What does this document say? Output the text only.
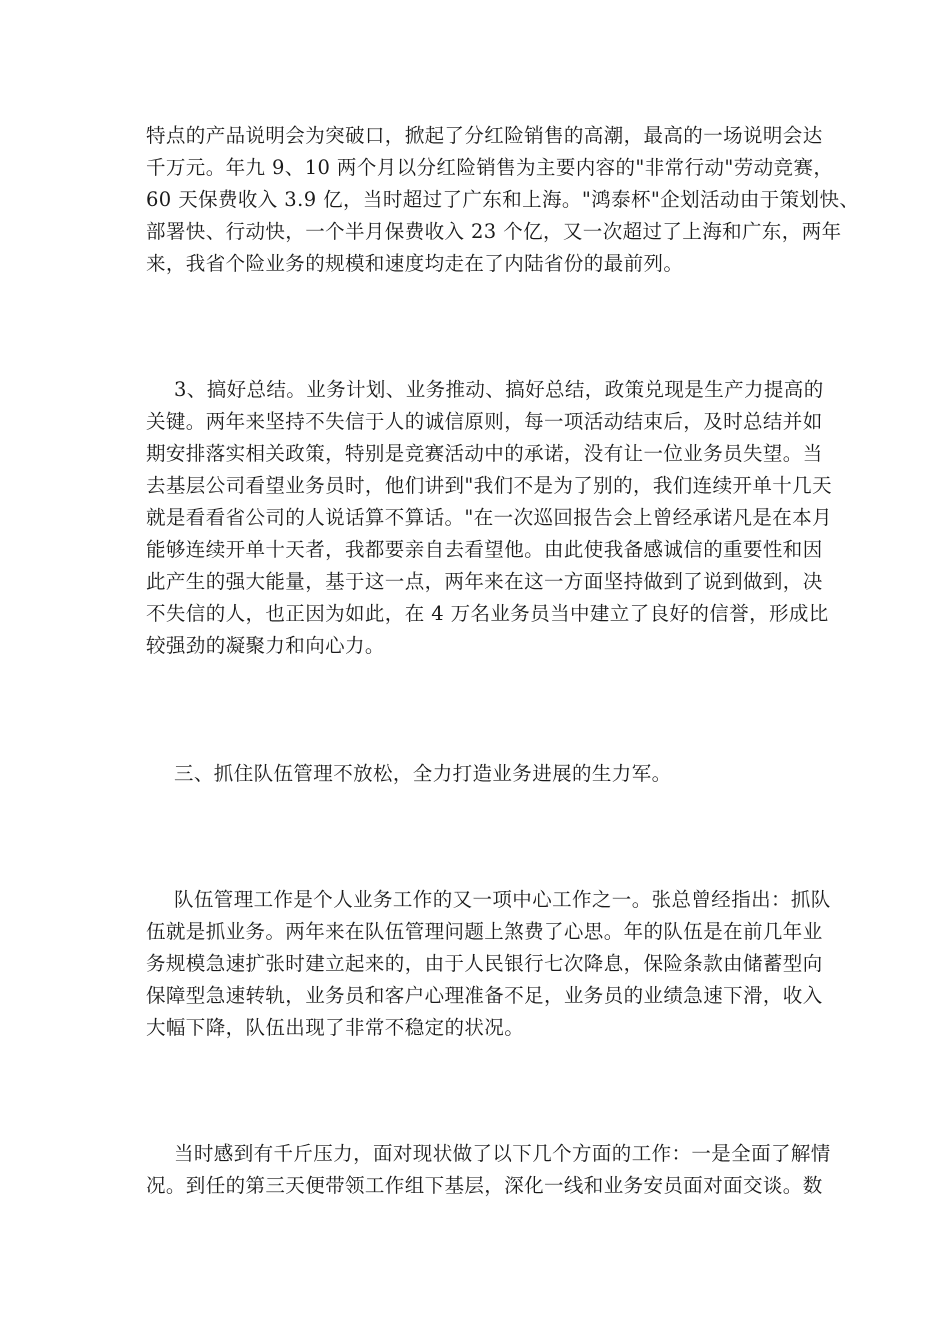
特点的产品说明会为突破口，掀起了分红险销售的高潮，最高的一场说明会达
千万元。年九 9、10 两个月以分红险销售为主要内容的"非常行动"劳动竞赛，
60 天保费收入 3.9 亿，当时超过了广东和上海。"鸿泰杯"企划活动由于策划快、
部署快、行动快，一个半月保费收入 23 个亿，又一次超过了上海和广东，两年
来，我省个险业务的规模和速度均走在了内陆省份的最前列。
3、搞好总结。业务计划、业务推动、搞好总结，政策兑现是生产力提高的
关键。两年来坚持不失信于人的诚信原则，每一项活动结束后，及时总结并如
期安排落实相关政策，特别是竞赛活动中的承诺，没有让一位业务员失望。当
去基层公司看望业务员时，他们讲到"我们不是为了别的，我们连续开单十几天
就是看看省公司的人说话算不算话。"在一次巡回报告会上曾经承诺凡是在本月
能够连续开单十天者，我都要亲自去看望他。由此使我备感诚信的重要性和因
此产生的强大能量，基于这一点，两年来在这一方面坚持做到了说到做到，决
不失信的人，也正因为如此，在 4 万名业务员当中建立了良好的信誉，形成比
较强劲的凝聚力和向心力。
三、抓住队伍管理不放松，全力打造业务进展的生力军。
队伍管理工作是个人业务工作的又一项中心工作之一。张总曾经指出：抓队
伍就是抓业务。两年来在队伍管理问题上煞费了心思。年的队伍是在前几年业
务规模急速扩张时建立起来的，由于人民银行七次降息，保险条款由储蓄型向
保障型急速转轨，业务员和客户心理准备不足，业务员的业绩急速下滑，收入
大幅下降，队伍出现了非常不稳定的状况。
当时感到有千斤压力，面对现状做了以下几个方面的工作：一是全面了解情
况。到任的第三天便带领工作组下基层，深化一线和业务安员面对面交谈。数
